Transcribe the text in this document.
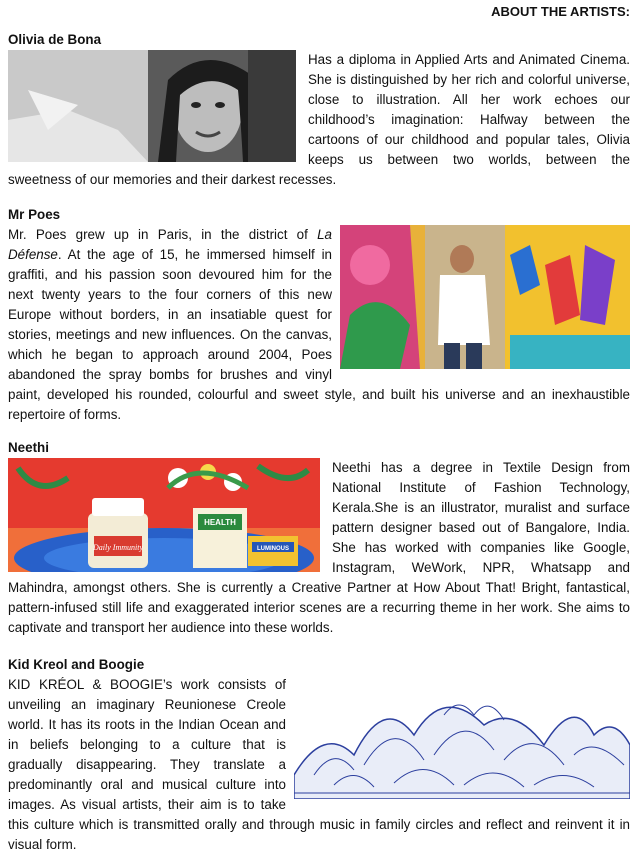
ABOUT THE ARTISTS:
Olivia de Bona

Has a diploma in Applied Arts and Animated Cinema. She is distinguished by her rich and colorful universe, close to illustration. All her work echoes our childhood’s imagination: Halfway between the cartoons of our childhood and popular tales, Olivia keeps us between two worlds, between the sweetness of our memories and their darkest recesses.

Mr Poes

Mr. Poes grew up in Paris, in the district of La Défense. At the age of 15, he immersed himself in graffiti, and his passion soon devoured him for the next twenty years to the four corners of this new Europe without borders, in an insatiable quest for stories, meetings and new influences. On the canvas, which he began to approach around 2004, Poes abandoned the spray bombs for brushes and vinyl paint, developed his rounded, colourful and sweet style, and built his universe and an inexhaustible repertoire of forms.

Neethi
Daily Immunity
HEALTH
LUMINOUS

Neethi has a degree in Textile Design from National Institute of Fashion Technology, Kerala.She is an illustrator, muralist and surface pattern designer based out of Bangalore, India. She has worked with companies like Google, Instagram, WeWork, NPR, Whatsapp and Mahindra, amongst others. She is currently a Creative Partner at How About That! Bright, fantastical, pattern-infused still life and exaggerated interior scenes are a recurring theme in her work. She aims to captivate and transport her audience into these worlds.

Kid Kreol and Boogie

KID KRÉOL & BOOGIE’s work consists of unveiling an imaginary Reunionese Creole world. It has its roots in the Indian Ocean and in beliefs belonging to a culture that is gradually disappearing. They translate a predominantly oral and musical culture into images. As visual artists, their aim is to take this culture which is transmitted orally and through music in family circles and reflect and reinvent it in visual form.
